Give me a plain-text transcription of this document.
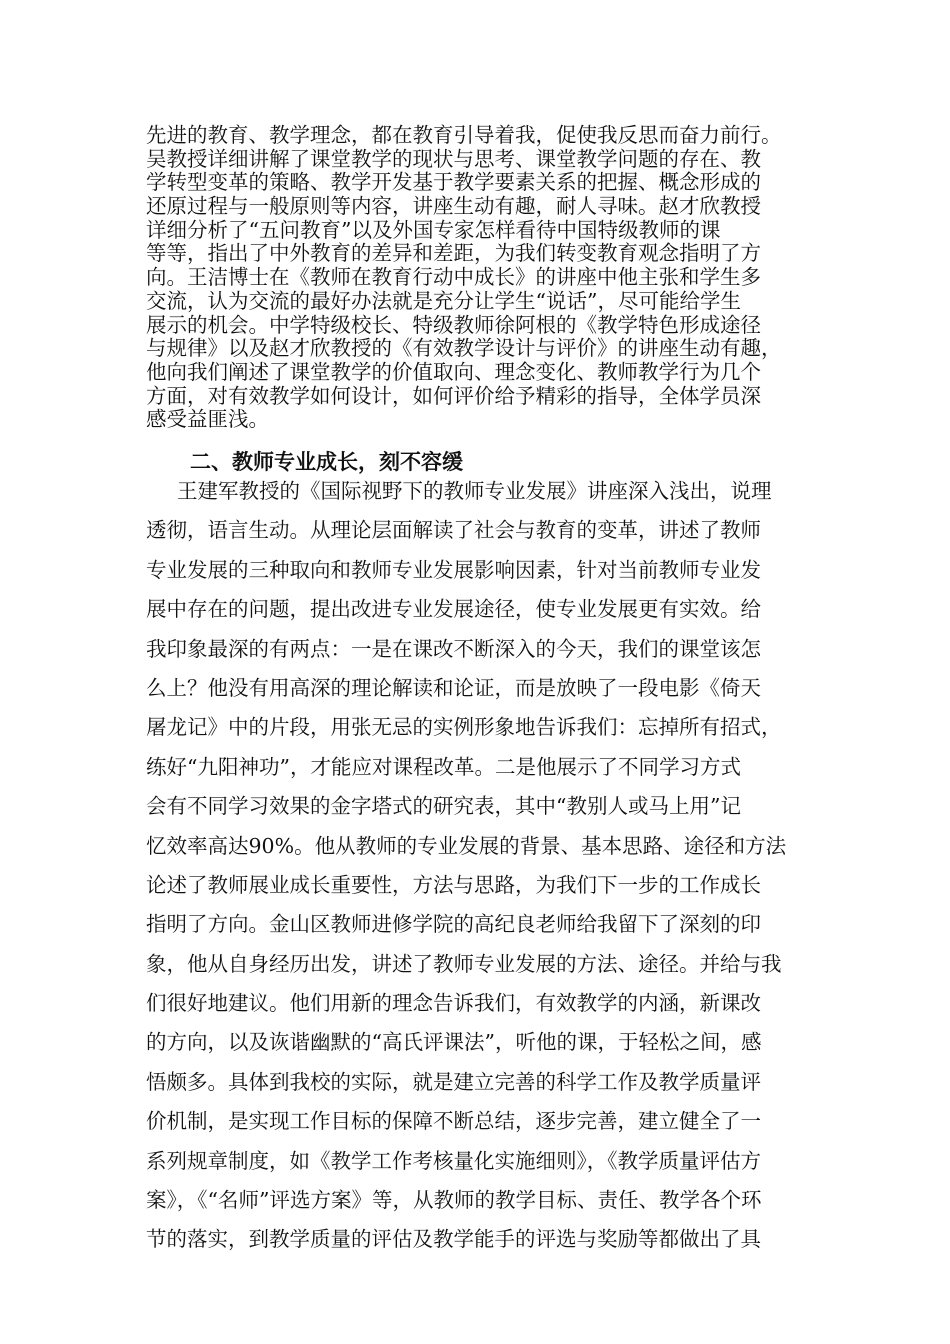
先进的教育、教学理念，都在教育引导着我，促使我反思而奋力前行。
吴教授详细讲解了课堂教学的现状与思考、课堂教学问题的存在、教
学转型变革的策略、教学开发基于教学要素关系的把握、概念形成的
还原过程与一般原则等内容，讲座生动有趣，耐人寻味。赵才欣教授
详细分析了“五问教育”以及外国专家怎样看待中国特级教师的课
等等，指出了中外教育的差异和差距，为我们转变教育观念指明了方
向。王洁博士在《教师在教育行动中成长》的讲座中他主张和学生多
交流，认为交流的最好办法就是充分让学生“说话”，尽可能给学生
展示的机会。中学特级校长、特级教师徐阿根的《教学特色形成途径
与规律》以及赵才欣教授的《有效教学设计与评价》的讲座生动有趣，
他向我们阐述了课堂教学的价值取向、理念变化、教师教学行为几个
方面，对有效教学如何设计，如何评价给予精彩的指导，全体学员深
感受益匪浅。
二、教师专业成长，刻不容缓
王建军教授的《国际视野下的教师专业发展》讲座深入浅出，说理
透彻，语言生动。从理论层面解读了社会与教育的变革，讲述了教师
专业发展的三种取向和教师专业发展影响因素，针对当前教师专业发
展中存在的问题，提出改进专业发展途径，使专业发展更有实效。给
我印象最深的有两点：一是在课改不断深入的今天，我们的课堂该怎
么上？他没有用高深的理论解读和论证，而是放映了一段电影《倚天
屠龙记》中的片段，用张无忌的实例形象地告诉我们：忘掉所有招式，
练好“九阳神功”，才能应对课程改革。二是他展示了不同学习方式
会有不同学习效果的金字塔式的研究表，其中“教别人或马上用”记
忆效率高达90%。他从教师的专业发展的背景、基本思路、途径和方法
论述了教师展业成长重要性，方法与思路，为我们下一步的工作成长
指明了方向。金山区教师进修学院的高纪良老师给我留下了深刻的印
象，他从自身经历出发，讲述了教师专业发展的方法、途径。并给与我
们很好地建议。他们用新的理念告诉我们，有效教学的内涵，新课改
的方向，以及诙谐幽默的“高氏评课法”，听他的课，于轻松之间，感
悟颇多。具体到我校的实际，就是建立完善的科学工作及教学质量评
价机制，是实现工作目标的保障不断总结，逐步完善，建立健全了一
系列规章制度，如《教学工作考核量化实施细则》，《教学质量评估方
案》，《“名师”评选方案》等，从教师的教学目标、责任、教学各个环
节的落实，到教学质量的评估及教学能手的评选与奖励等都做出了具
